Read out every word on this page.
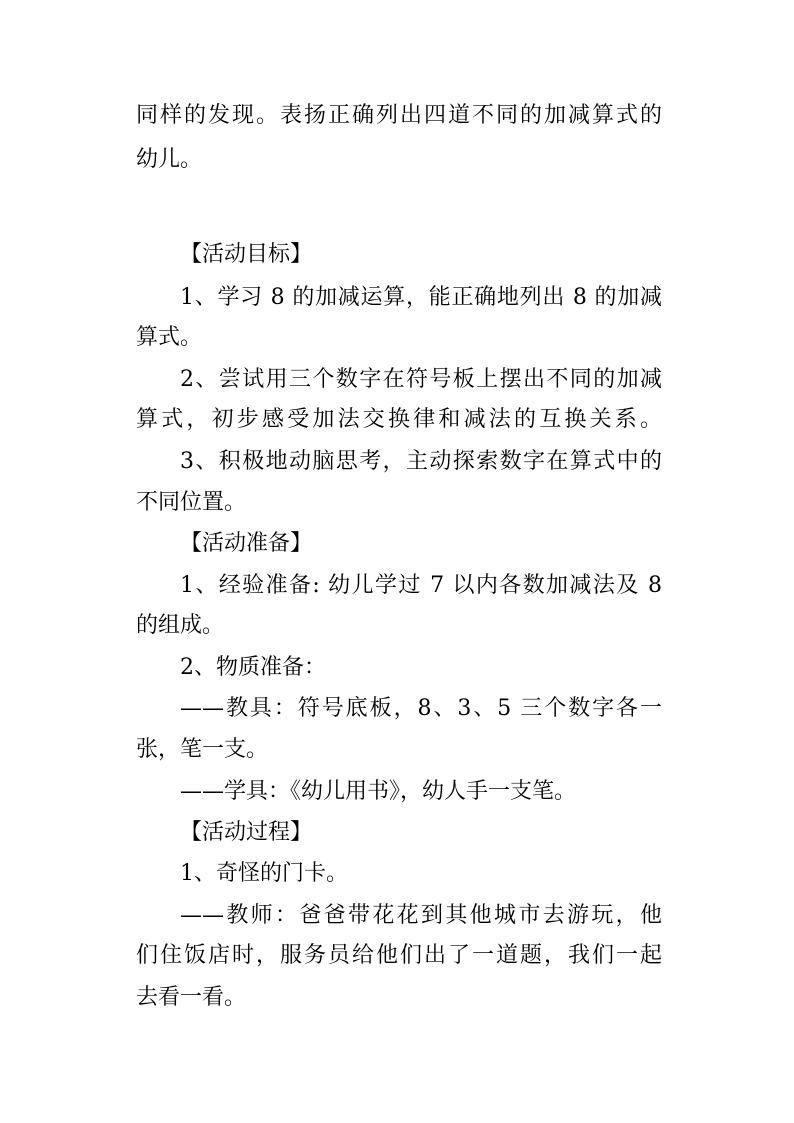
同样的发现。表扬正确列出四道不同的加减算式的

幼儿。

【活动目标】

1、学习 8 的加减运算，能正确地列出 8 的加减

算式。

2、尝试用三个数字在符号板上摆出不同的加减

算式，初步感受加法交换律和减法的互换关系。

3、积极地动脑思考，主动探索数字在算式中的

不同位置。

【活动准备】

1、经验准备: 幼儿学过 7 以内各数加减法及 8

的组成。

2、物质准备：

——教具：符号底板，8、3、5 三个数字各一

张，笔一支。

——学具：《幼儿用书》，幼人手一支笔。

【活动过程】

1、奇怪的门卡。

——教师：爸爸带花花到其他城市去游玩，他

们住饭店时，服务员给他们出了一道题，我们一起

去看一看。
